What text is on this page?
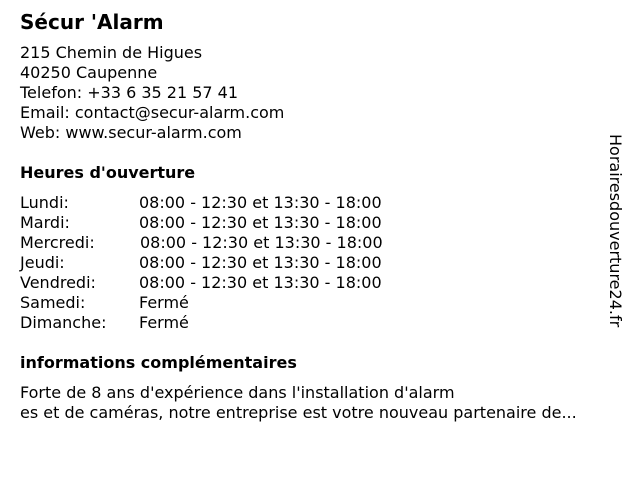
Sécur 'Alarm
215 Chemin de Higues
40250 Caupenne
Telefon: +33 6 35 21 57 41
Email: contact@secur-alarm.com
Web: www.secur-alarm.com
Heures d'ouverture
Lundi:	08:00 - 12:30 et 13:30 - 18:00
Mardi:	08:00 - 12:30 et 13:30 - 18:00
Mercredi:	08:00 - 12:30 et 13:30 - 18:00
Jeudi:	08:00 - 12:30 et 13:30 - 18:00
Vendredi:	08:00 - 12:30 et 13:30 - 18:00
Samedi:	Fermé
Dimanche: Fermé
informations complémentaires
Forte de 8 ans d'expérience dans l'installation d'alarm
es et de caméras, notre entreprise est votre nouveau partenaire de...
Horairesdouverture24.fr
